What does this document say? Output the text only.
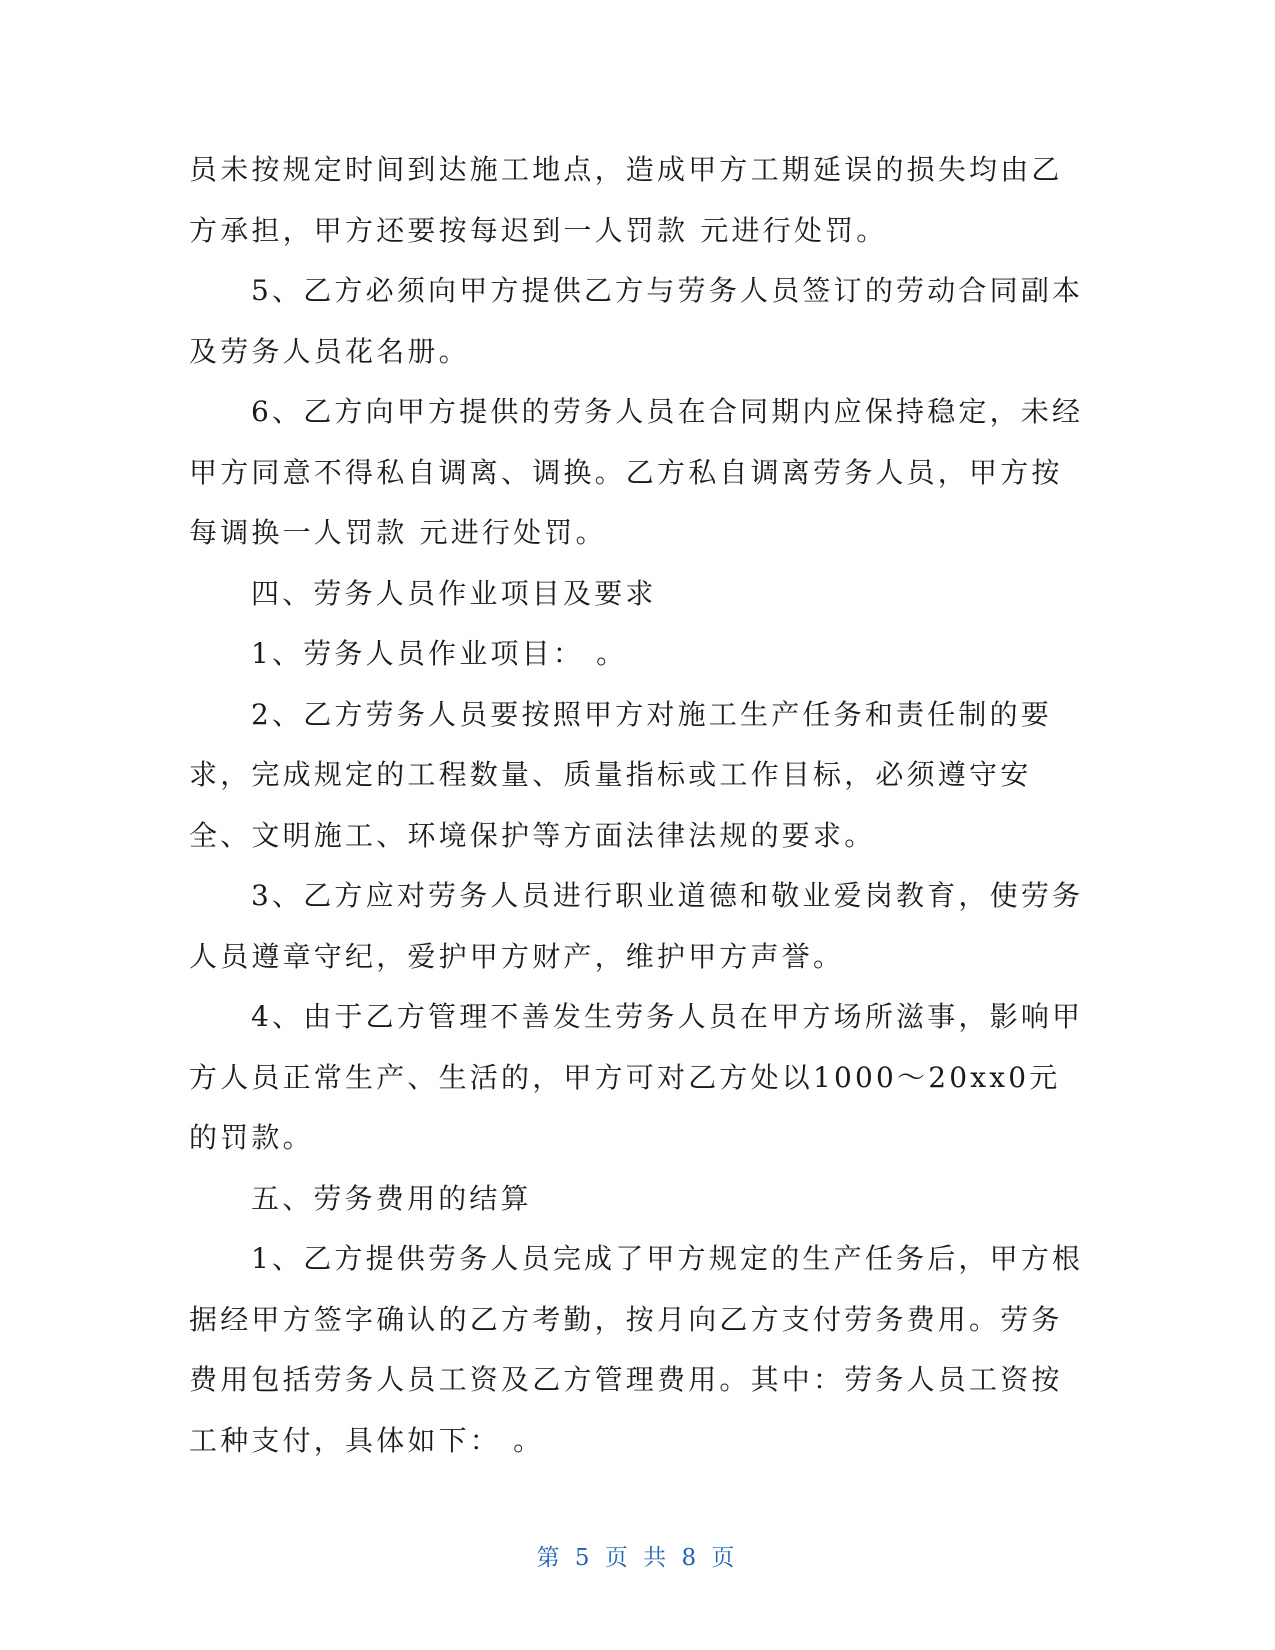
员未按规定时间到达施工地点，造成甲方工期延误的损失均由乙方承担，甲方还要按每迟到一人罚款 元进行处罚。

5、乙方必须向甲方提供乙方与劳务人员签订的劳动合同副本及劳务人员花名册。

6、乙方向甲方提供的劳务人员在合同期内应保持稳定，未经甲方同意不得私自调离、调换。乙方私自调离劳务人员，甲方按每调换一人罚款 元进行处罚。

四、劳务人员作业项目及要求

1、劳务人员作业项目： 。

2、乙方劳务人员要按照甲方对施工生产任务和责任制的要求，完成规定的工程数量、质量指标或工作目标，必须遵守安全、文明施工、环境保护等方面法律法规的要求。

3、乙方应对劳务人员进行职业道德和敬业爱岗教育，使劳务人员遵章守纪，爱护甲方财产，维护甲方声誉。

4、由于乙方管理不善发生劳务人员在甲方场所滋事，影响甲方人员正常生产、生活的，甲方可对乙方处以1000～20xx0元的罚款。

五、劳务费用的结算

1、乙方提供劳务人员完成了甲方规定的生产任务后，甲方根据经甲方签字确认的乙方考勤，按月向乙方支付劳务费用。劳务费用包括劳务人员工资及乙方管理费用。其中：劳务人员工资按工种支付，具体如下： 。

第 5 页 共 8 页
